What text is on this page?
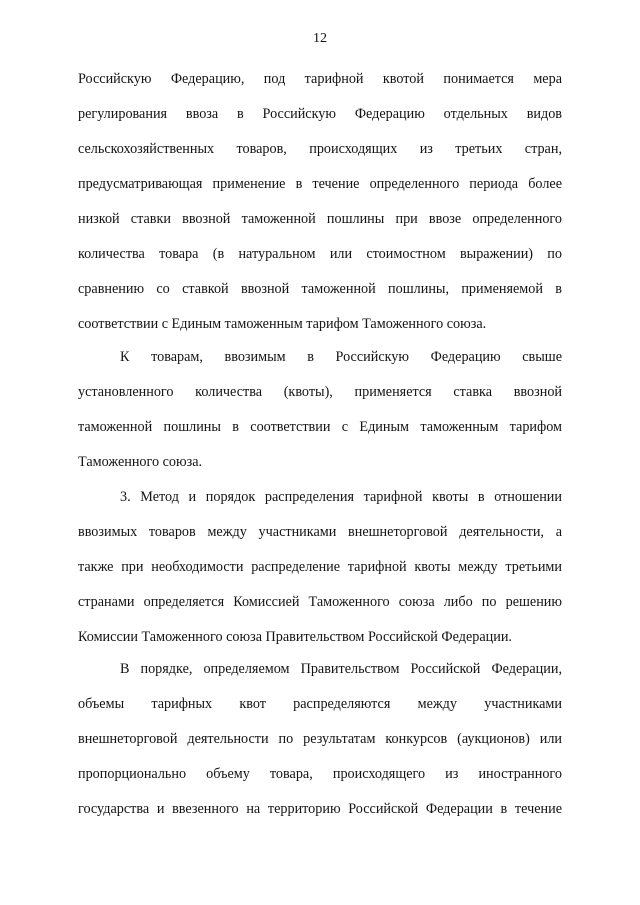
12
Российскую Федерацию, под тарифной квотой понимается мера
регулирования ввоза в Российскую Федерацию отдельных видов
сельскохозяйственных товаров, происходящих из третьих стран,
предусматривающая применение в течение определенного периода более
низкой ставки ввозной таможенной пошлины при ввозе определенного
количества товара (в натуральном или стоимостном выражении) по
сравнению со ставкой ввозной таможенной пошлины, применяемой в
соответствии с Единым таможенным тарифом Таможенного союза.
К товарам, ввозимым в Российскую Федерацию свыше
установленного количества (квоты), применяется ставка ввозной
таможенной пошлины в соответствии с Единым таможенным тарифом
Таможенного союза.
3. Метод и порядок распределения тарифной квоты в отношении
ввозимых товаров между участниками внешнеторговой деятельности, а
также при необходимости распределение тарифной квоты между третьими
странами определяется Комиссией Таможенного союза либо по решению
Комиссии Таможенного союза Правительством Российской Федерации.
В порядке, определяемом Правительством Российской Федерации,
объемы тарифных квот распределяются между участниками
внешнеторговой деятельности по результатам конкурсов (аукционов) или
пропорционально объему товара, происходящего из иностранного
государства и ввезенного на территорию Российской Федерации в течение
